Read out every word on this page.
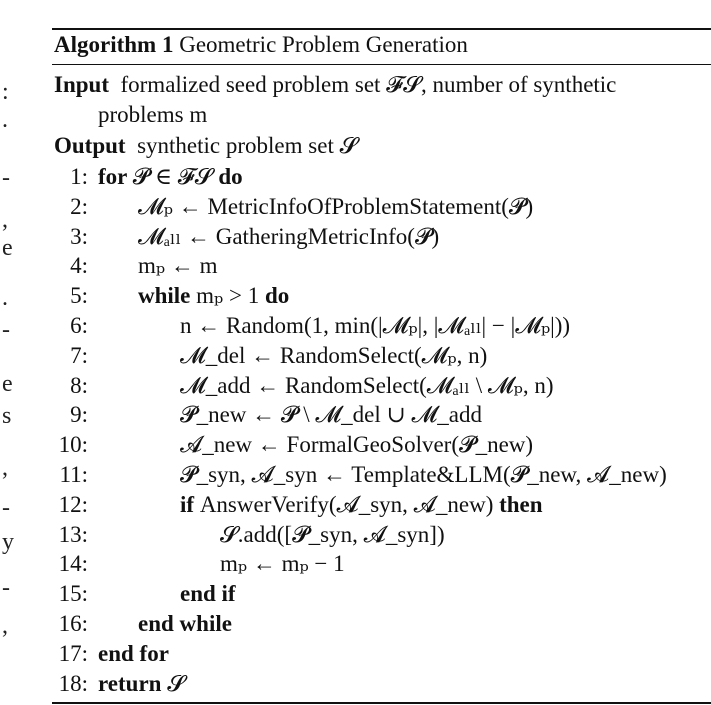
:
.
-
,
e
.
-
e
s
,
-
y
-
,
Algorithm 1 Geometric Problem Generation
Input formalized seed problem set 𝓕𝓢, number of synthetic
problems m
Output synthetic problem set 𝓢
1: for 𝓟 ∈ 𝓕𝓢 do
2: 𝓜ₚ ← MetricInfoOfProblemStatement(𝓟)
3: 𝓜ₐₗₗ ← GatheringMetricInfo(𝓟)
4: mₚ ← m
5: while mₚ > 1 do
6:	n ← Random(1, min(|𝓜ₚ|, |𝓜ₐₗₗ| − |𝓜ₚ|))
7:	𝓜_del ← RandomSelect(𝓜ₚ, n)
8:	𝓜_add ← RandomSelect(𝓜ₐₗₗ \ 𝓜ₚ, n)
9:	𝓟_new ← 𝓟 \ 𝓜_del ∪ 𝓜_add
10:	𝓐_new ← FormalGeoSolver(𝓟_new)
11:	𝓟_syn, 𝓐_syn ← Template&LLM(𝓟_new, 𝓐_new)
12:	if AnswerVerify(𝓐_syn, 𝓐_new) then
13:	𝓢.add([𝓟_syn, 𝓐_syn])
14:	mₚ ← mₚ − 1
15:	end if
16: end while
17: end for
18: return 𝓢
